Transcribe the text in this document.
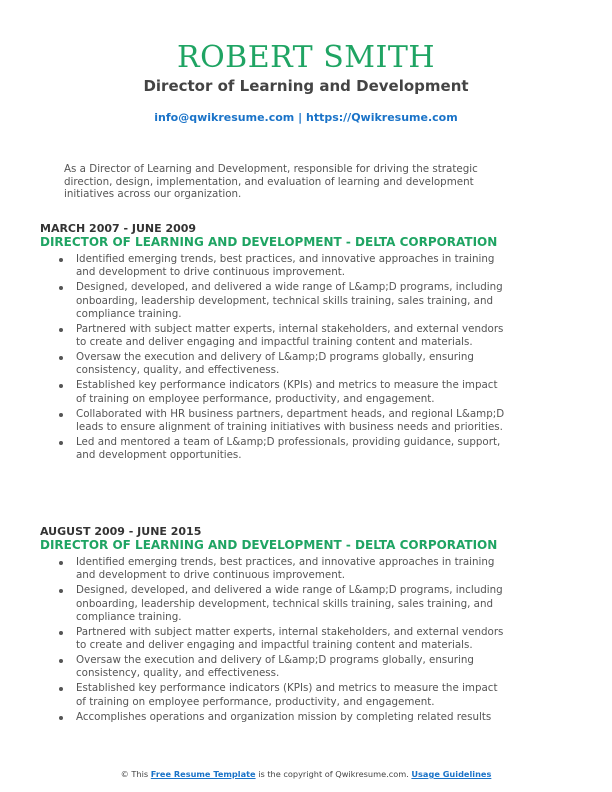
ROBERT SMITH
Director of Learning and Development
info@qwikresume.com | https://Qwikresume.com

As a Director of Learning and Development, responsible for driving the strategic direction, design, implementation, and evaluation of learning and development initiatives across our organization.

MARCH 2007 - JUNE 2009

DIRECTOR OF LEARNING AND DEVELOPMENT - DELTA CORPORATION

Identified emerging trends, best practices, and innovative approaches in training and development to drive continuous improvement.
Designed, developed, and delivered a wide range of L&amp;D programs, including onboarding, leadership development, technical skills training, sales training, and compliance training.
Partnered with subject matter experts, internal stakeholders, and external vendors to create and deliver engaging and impactful training content and materials.
Oversaw the execution and delivery of L&amp;D programs globally, ensuring consistency, quality, and effectiveness.
Established key performance indicators (KPIs) and metrics to measure the impact of training on employee performance, productivity, and engagement.
Collaborated with HR business partners, department heads, and regional L&amp;D leads to ensure alignment of training initiatives with business needs and priorities.
Led and mentored a team of L&amp;D professionals, providing guidance, support, and development opportunities.

AUGUST 2009 - JUNE 2015

DIRECTOR OF LEARNING AND DEVELOPMENT - DELTA CORPORATION

Identified emerging trends, best practices, and innovative approaches in training and development to drive continuous improvement.
Designed, developed, and delivered a wide range of L&amp;D programs, including onboarding, leadership development, technical skills training, sales training, and compliance training.
Partnered with subject matter experts, internal stakeholders, and external vendors to create and deliver engaging and impactful training content and materials.
Oversaw the execution and delivery of L&amp;D programs globally, ensuring consistency, quality, and effectiveness.
Established key performance indicators (KPIs) and metrics to measure the impact of training on employee performance, productivity, and engagement.
Accomplishes operations and organization mission by completing related results
© This Free Resume Template is the copyright of Qwikresume.com. Usage Guidelines
